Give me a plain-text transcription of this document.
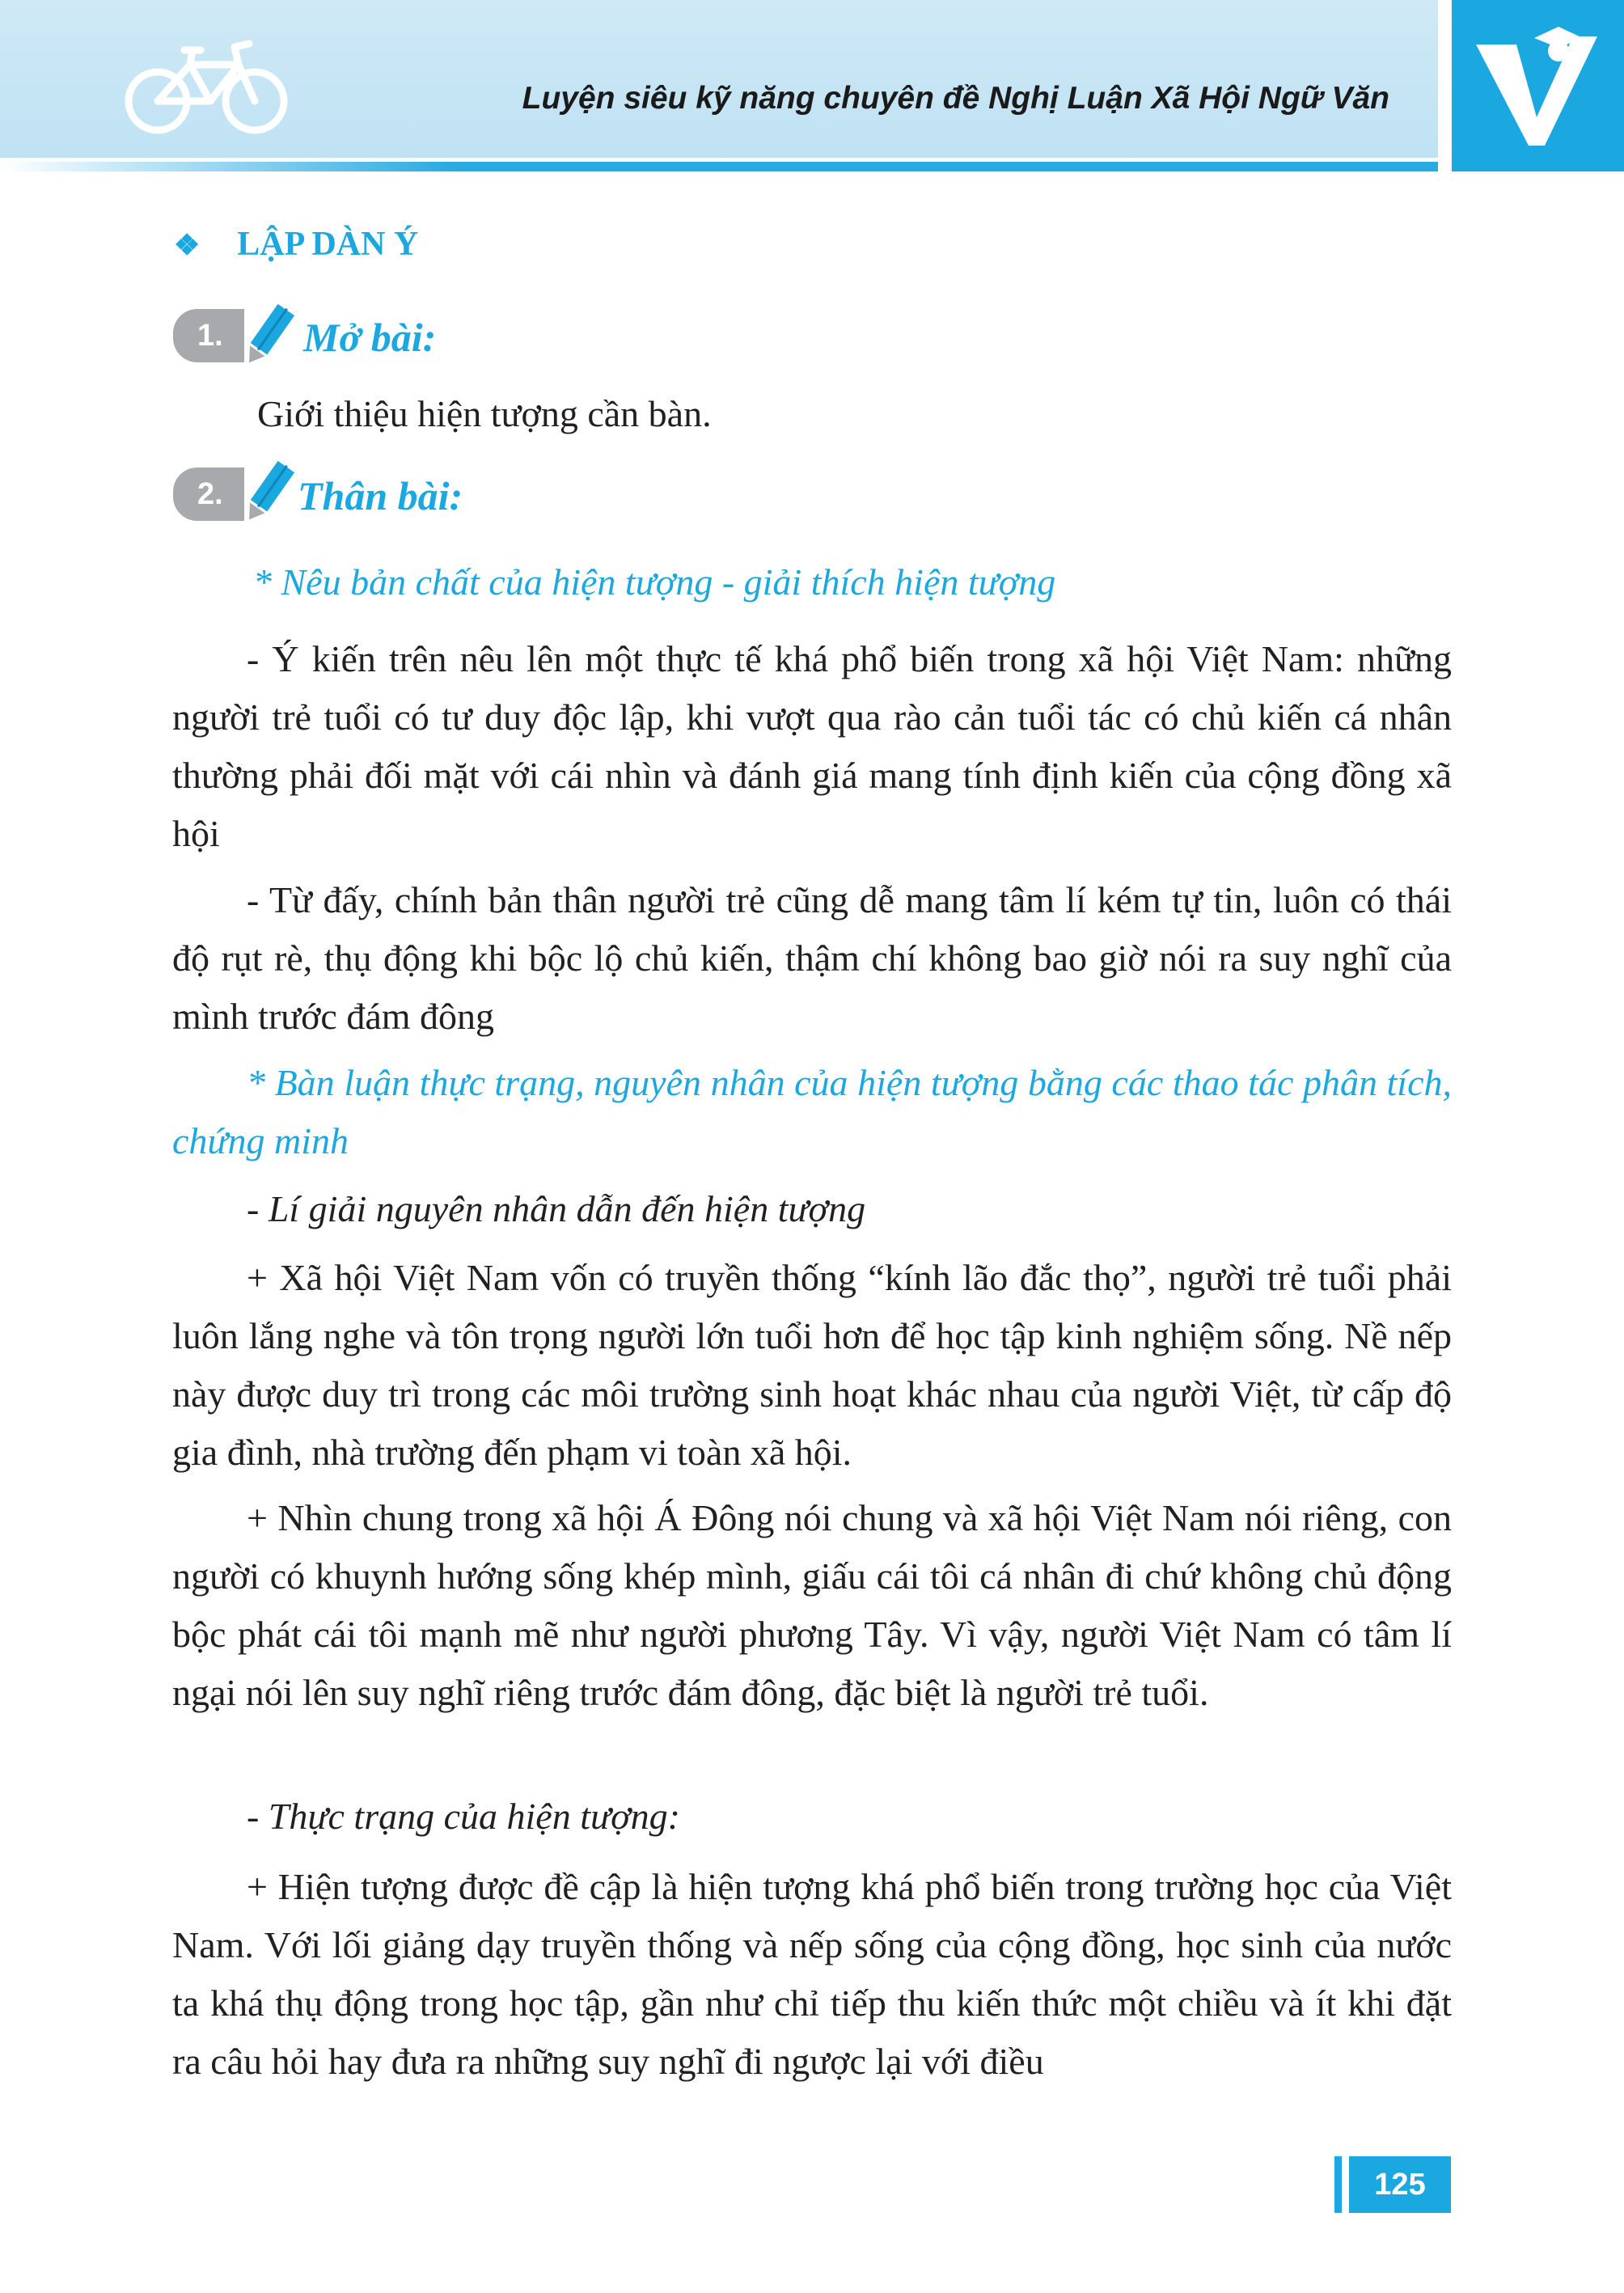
Luyện siêu kỹ năng chuyên đề Nghị Luận Xã Hội Ngữ Văn
❖ LẬP DÀN Ý
1.	Mở bài:

Giới thiệu hiện tượng cần bàn.

2.	Thân bài:

* Nêu bản chất của hiện tượng - giải thích hiện tượng

- Ý kiến trên nêu lên một thực tế khá phổ biến trong xã hội Việt Nam: những người trẻ tuổi có tư duy độc lập, khi vượt qua rào cản tuổi tác có chủ kiến cá nhân thường phải đối mặt với cái nhìn và đánh giá mang tính định kiến của cộng đồng xã hội

- Từ đấy, chính bản thân người trẻ cũng dễ mang tâm lí kém tự tin, luôn có thái độ rụt rè, thụ động khi bộc lộ chủ kiến, thậm chí không bao giờ nói ra suy nghĩ của mình trước đám đông

* Bàn luận thực trạng, nguyên nhân của hiện tượng bằng các thao tác phân tích, chứng minh

- Lí giải nguyên nhân dẫn đến hiện tượng

+ Xã hội Việt Nam vốn có truyền thống “kính lão đắc thọ”, người trẻ tuổi phải luôn lắng nghe và tôn trọng người lớn tuổi hơn để học tập kinh nghiệm sống. Nề nếp này được duy trì trong các môi trường sinh hoạt khác nhau của người Việt, từ cấp độ gia đình, nhà trường đến phạm vi toàn xã hội.

+ Nhìn chung trong xã hội Á Đông nói chung và xã hội Việt Nam nói riêng, con người có khuynh hướng sống khép mình, giấu cái tôi cá nhân đi chứ không chủ động bộc phát cái tôi mạnh mẽ như người phương Tây. Vì vậy, người Việt Nam có tâm lí ngại nói lên suy nghĩ riêng trước đám đông, đặc biệt là người trẻ tuổi.

- Thực trạng của hiện tượng:

+ Hiện tượng được đề cập là hiện tượng khá phổ biến trong trường học của Việt Nam. Với lối giảng dạy truyền thống và nếp sống của cộng đồng, học sinh của nước ta khá thụ động trong học tập, gần như chỉ tiếp thu kiến thức một chiều và ít khi đặt ra câu hỏi hay đưa ra những suy nghĩ đi ngược lại với điều

125
